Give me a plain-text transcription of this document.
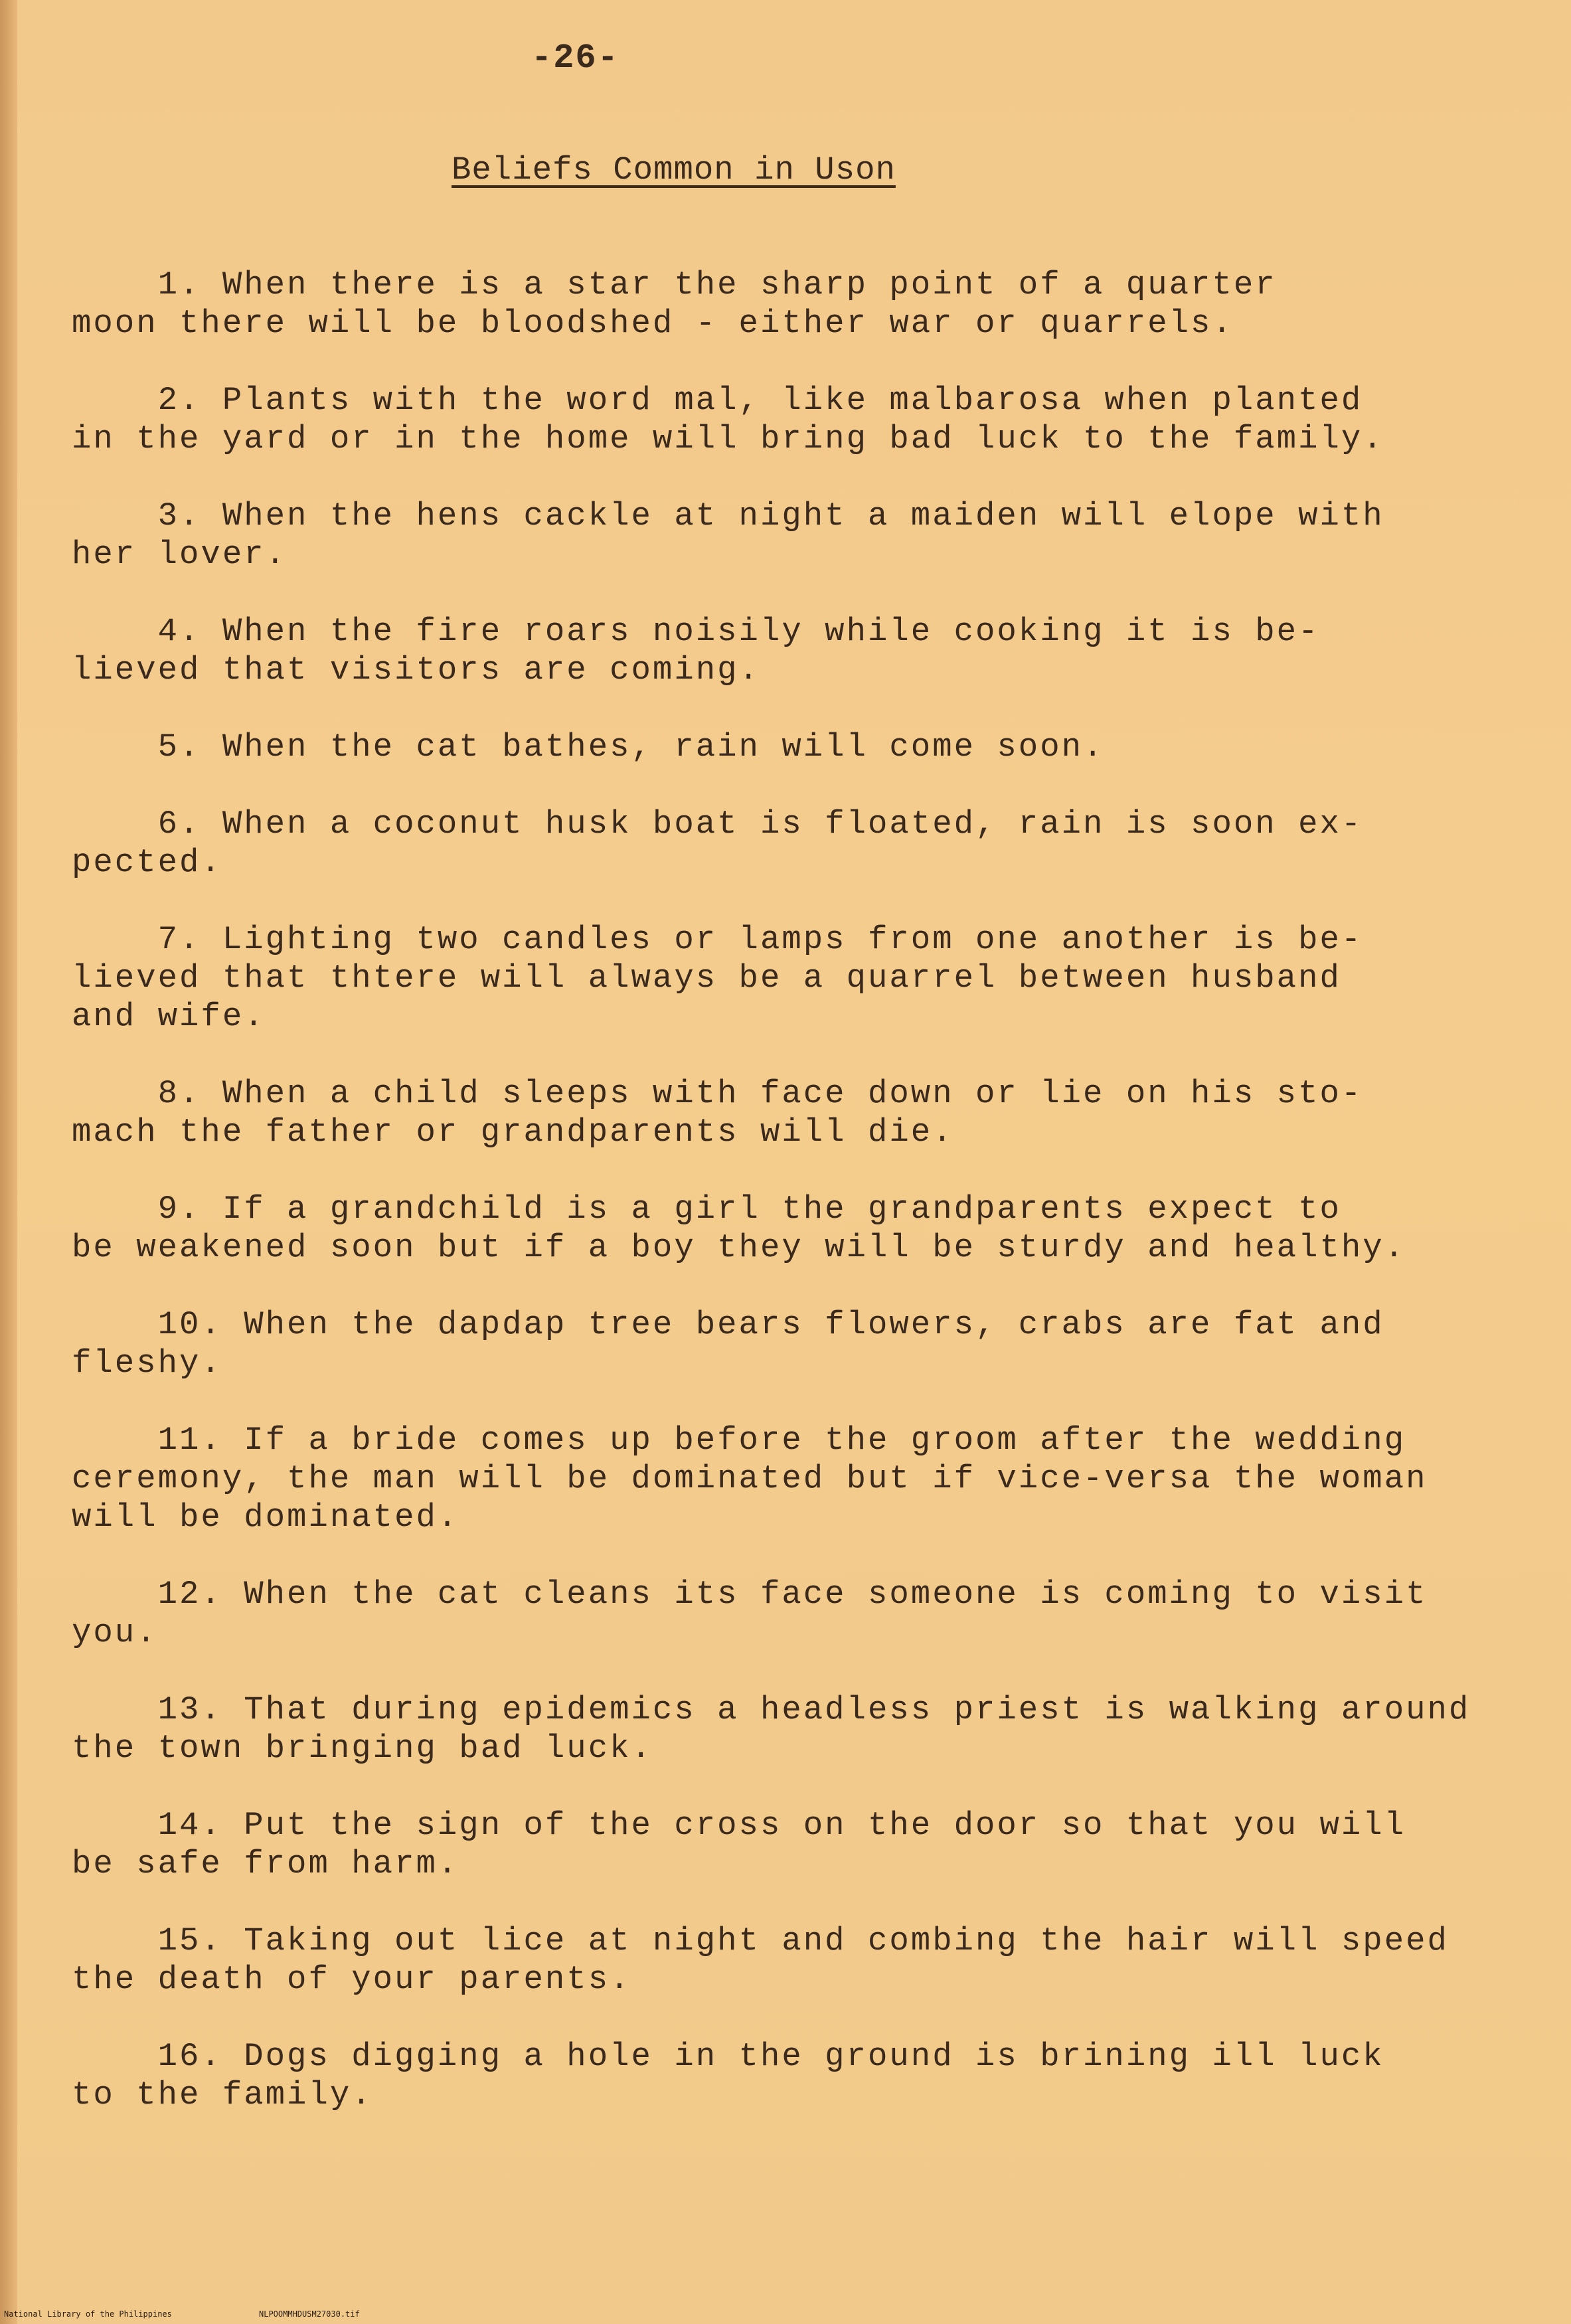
-26-
Beliefs Common in Uson

1. When there is a star the sharp point of a quarter
moon there will be bloodshed - either war or quarrels.

2. Plants with the word mal, like malbarosa when planted
in the yard or in the home will bring bad luck to the family.

3. When the hens cackle at night a maiden will elope with
her lover.

4. When the fire roars noisily while cooking it is be-
lieved that visitors are coming.

5. When the cat bathes, rain will come soon.

6. When a coconut husk boat is floated, rain is soon ex-
pected.

7. Lighting two candles or lamps from one another is be-
lieved that thtere will always be a quarrel between husband
and wife.

8. When a child sleeps with face down or lie on his sto-
mach the father or grandparents will die.

9. If a grandchild is a girl the grandparents expect to
be weakened soon but if a boy they will be sturdy and healthy.

10. When the dapdap tree bears flowers, crabs are fat and
fleshy.

11. If a bride comes up before the groom after the wedding
ceremony, the man will be dominated but if vice-versa the woman
will be dominated.

12. When the cat cleans its face someone is coming to visit
you.

13. That during epidemics a headless priest is walking around
the town bringing bad luck.

14. Put the sign of the cross on the door so that you will
be safe from harm.

15. Taking out lice at night and combing the hair will speed
the death of your parents.

16. Dogs digging a hole in the ground is brining ill luck
to the family.

National Library of the Philippines	NLPOOMMHDUSM27030.tif
